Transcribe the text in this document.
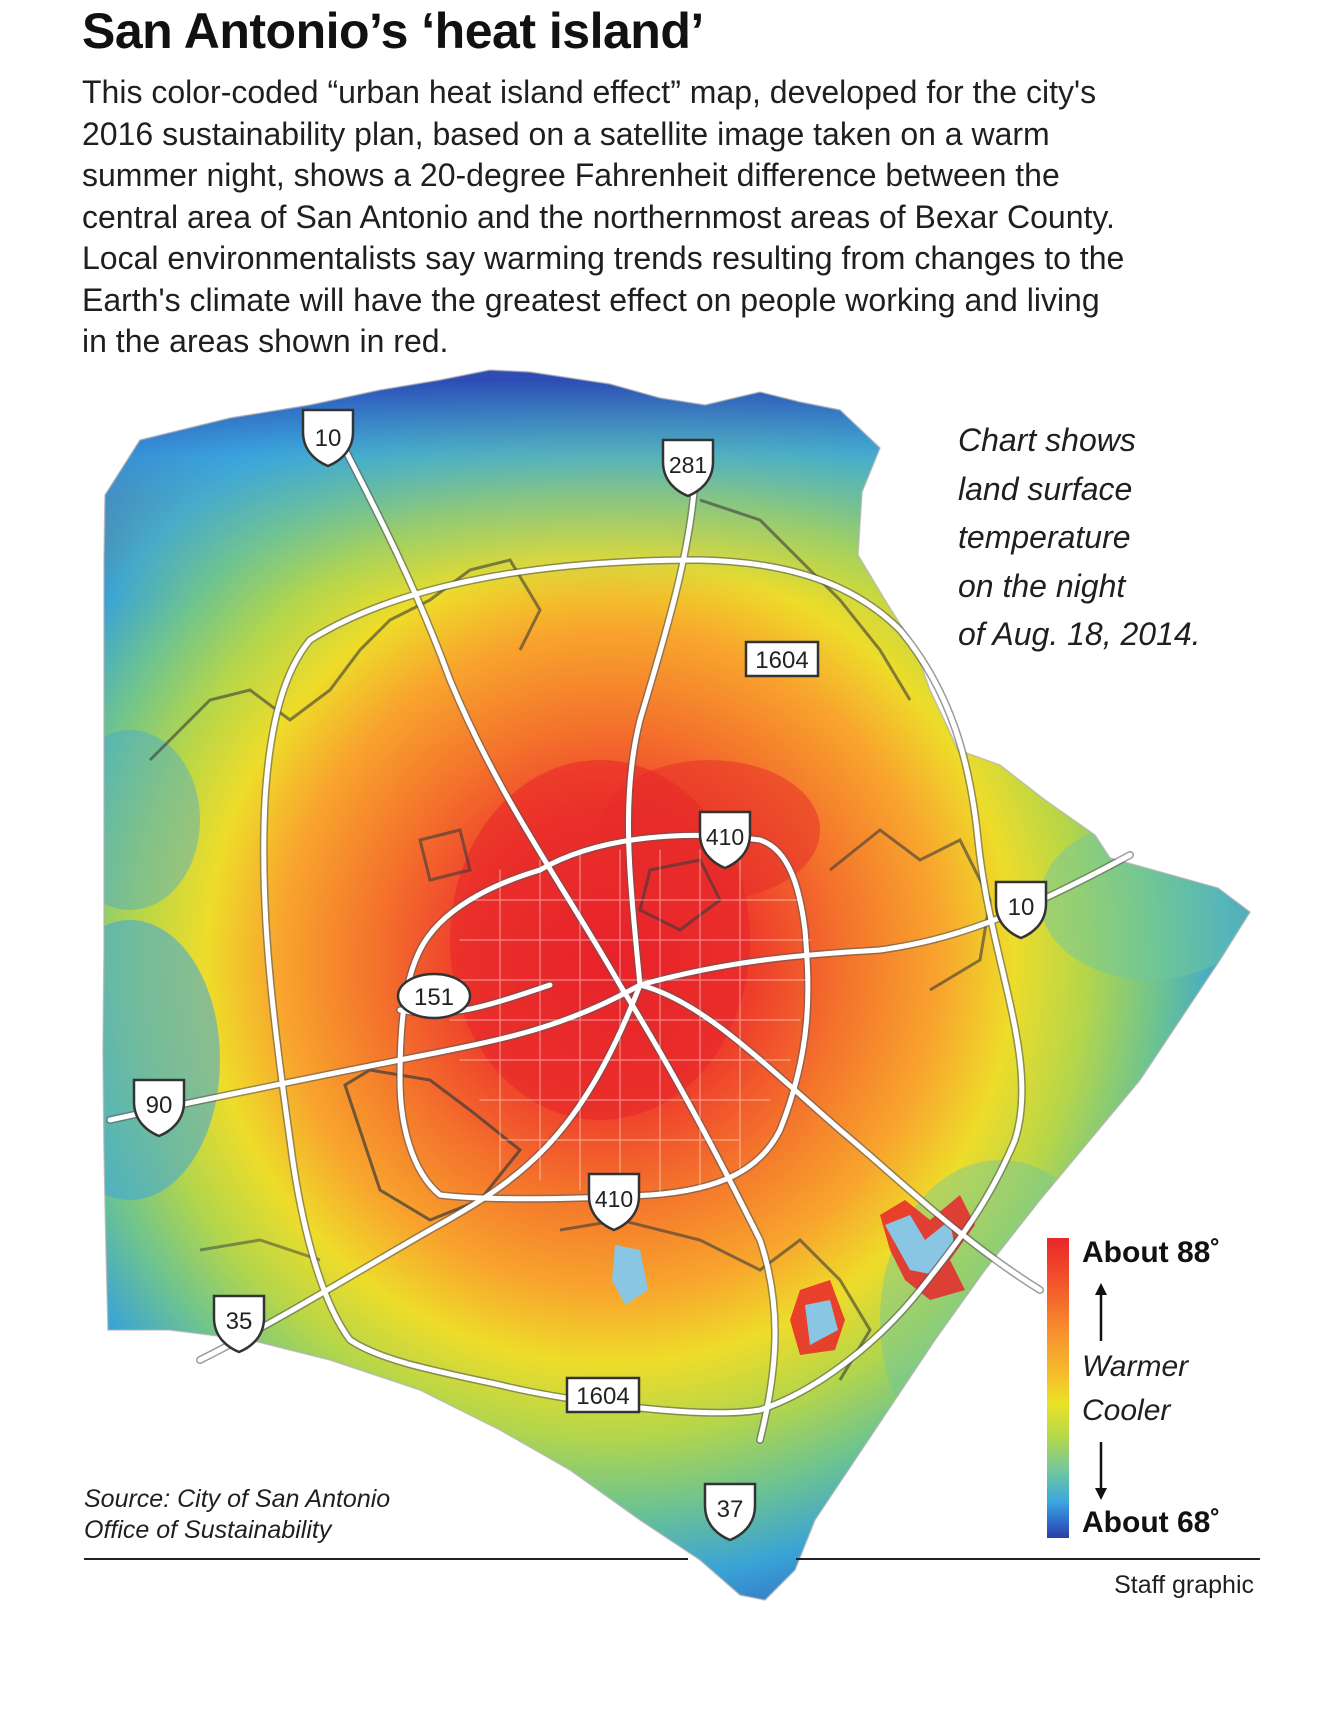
San Antonio’s ‘heat island’

This color-coded “urban heat island effect” map, developed for the city's
2016 sustainability plan, based on a satellite image taken on a warm
summer night, shows a 20-degree Fahrenheit difference between the
central area of San Antonio and the northernmost areas of Bexar County.
Local environmentalists say warming trends resulting from changes to the
Earth's climate will have the greatest effect on people working and living
in the areas shown in red.

10
281
1604
410
10
151
90
410
35
1604
37
Chart shows
land surface
temperature
on the night
of Aug. 18, 2014.
About 88˚
Warmer
Cooler
About 68˚
Source: City of San Antonio
Office of Sustainability
Staff graphic
